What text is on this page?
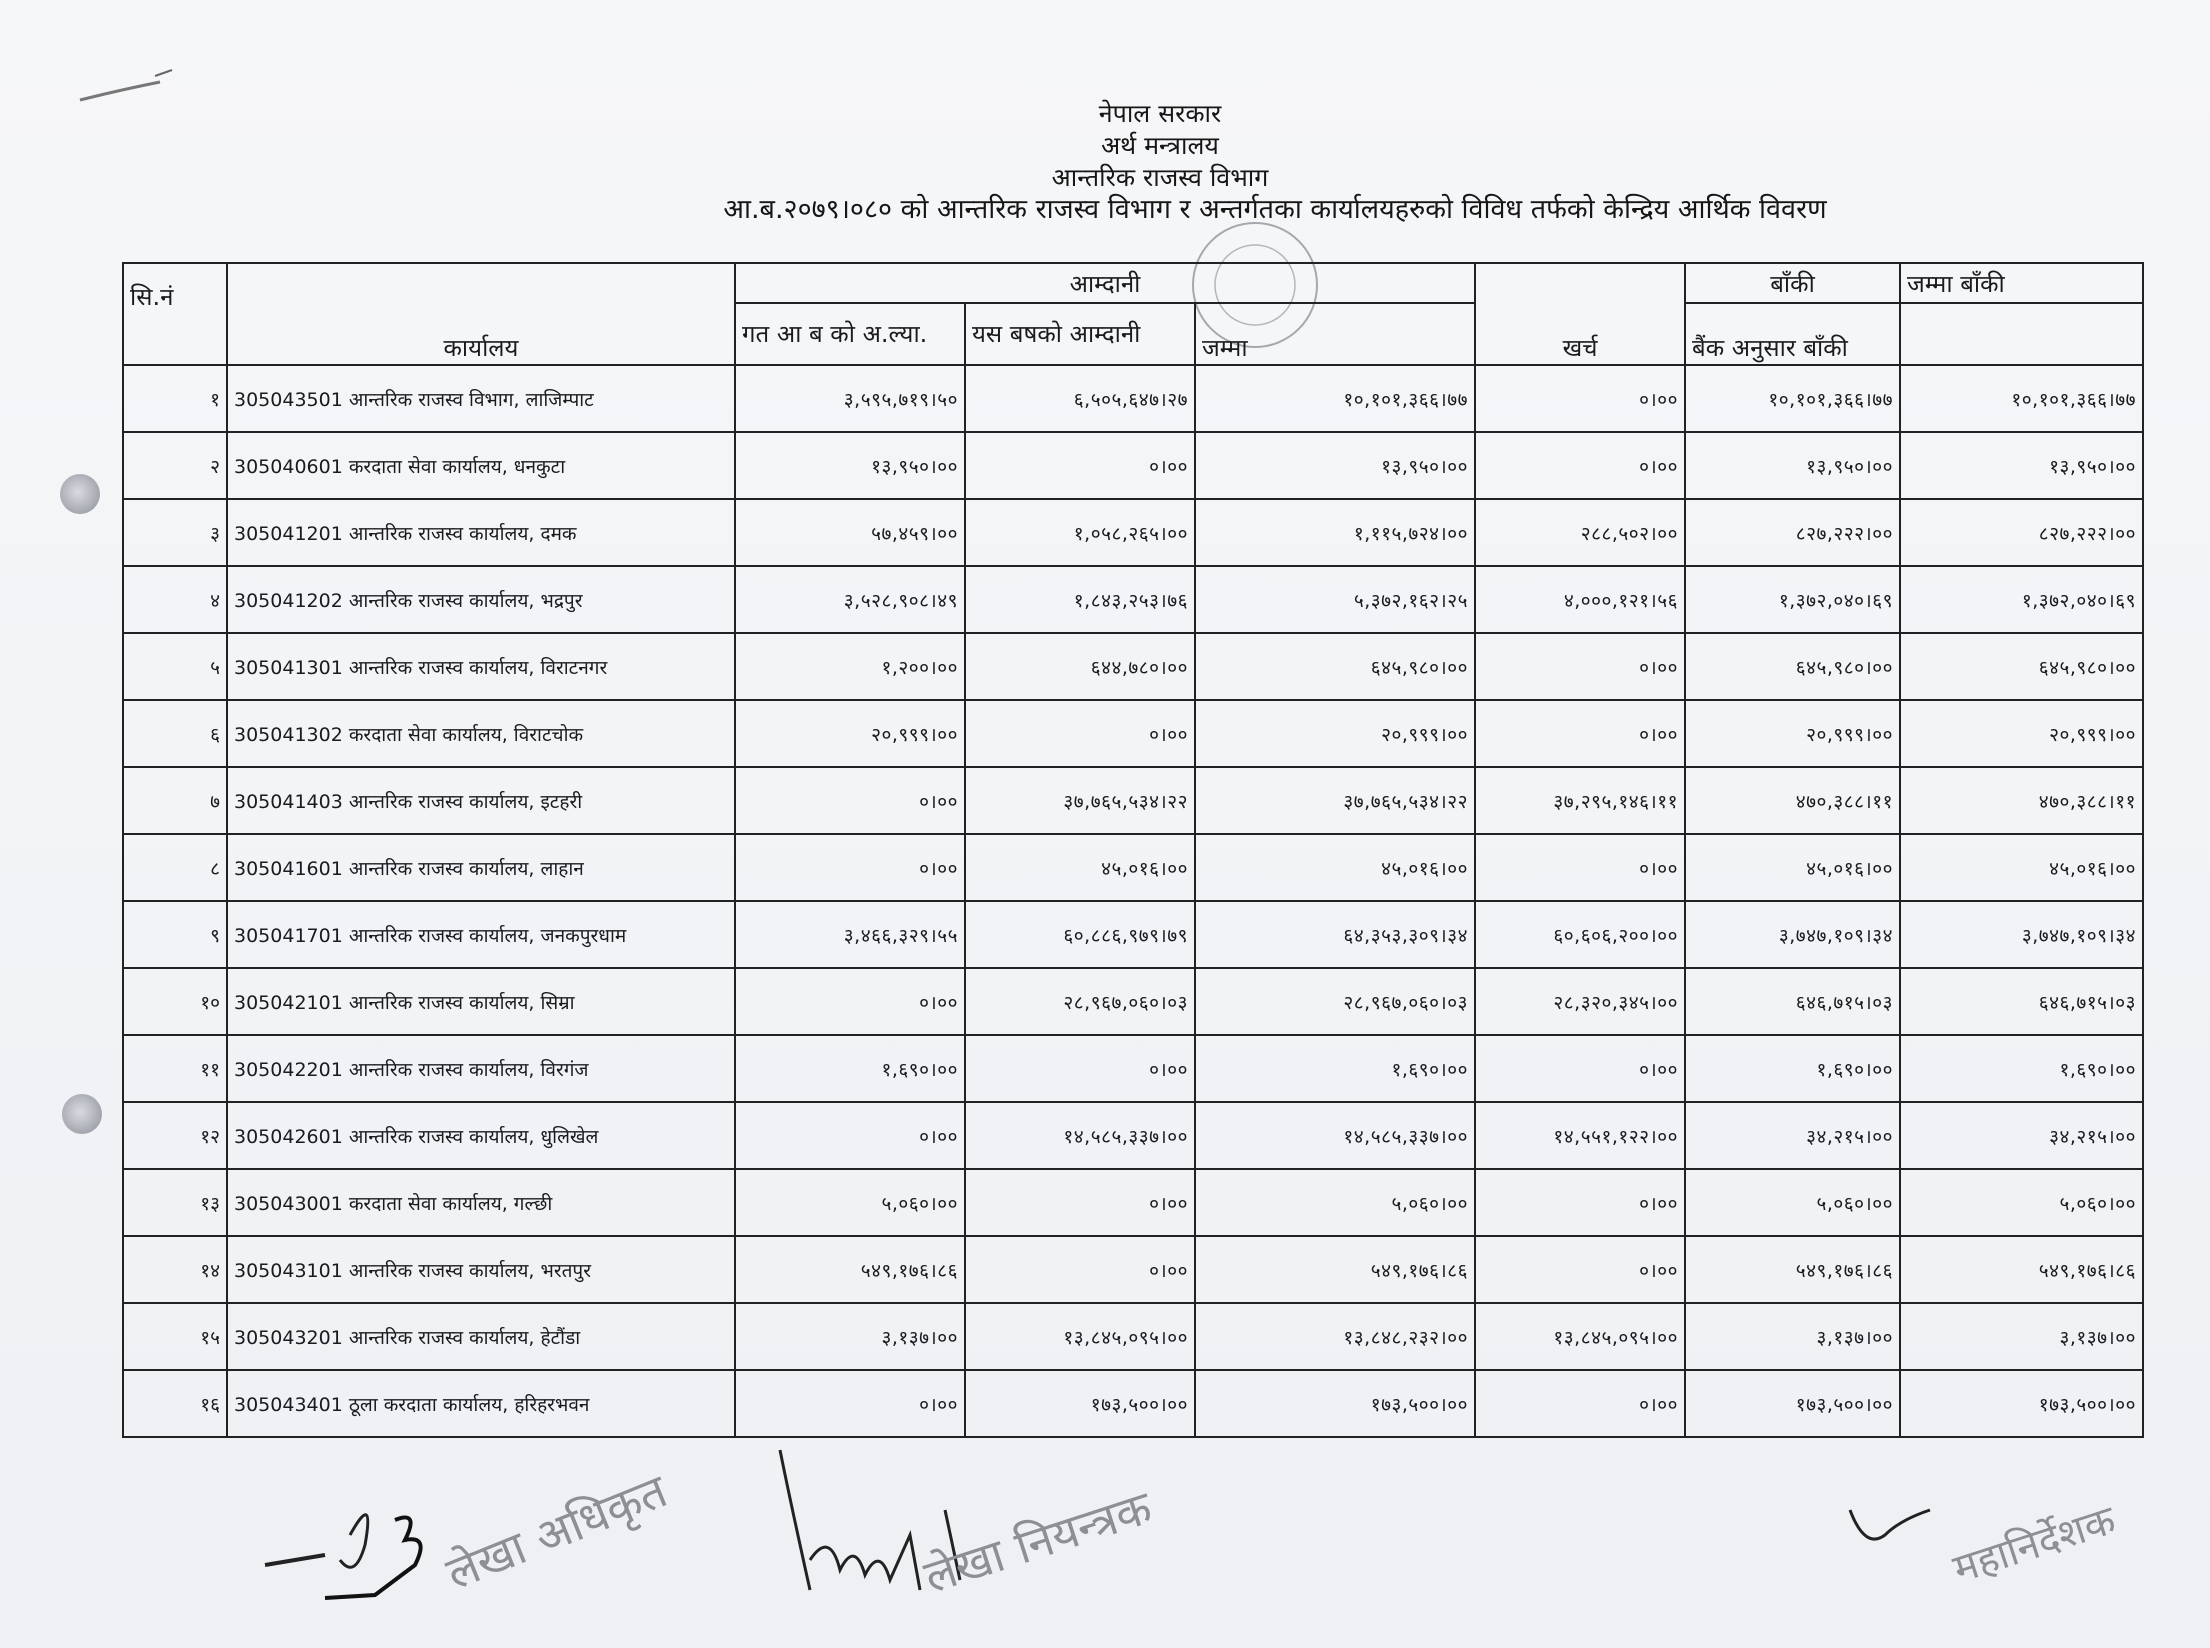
नेपाल सरकार
अर्थ मन्त्रालय
आन्तरिक राजस्व विभाग
आ.ब.२०७९।०८० को आन्तरिक राजस्व विभाग र अन्तर्गतका कार्यालयहरुको विविध तर्फको केन्द्रिय आर्थिक विवरण
सि.नं	कार्यालय	आम्दानी			खर्च	बाँकी	जम्मा बाँकी
		गत आ ब को अ.ल्या.	यस बषको आम्दानी	जम्मा		बैंक अनुसार बाँकी	
१	305043501 आन्तरिक राजस्व विभाग, लाजिम्पाट	३,५९५,७१९।५०	६,५०५,६४७।२७	१०,१०१,३६६।७७	०।००	१०,१०१,३६६।७७	१०,१०१,३६६।७७
२	305040601 करदाता सेवा कार्यालय, धनकुटा	१३,९५०।००	०।००	१३,९५०।००	०।००	१३,९५०।००	१३,९५०।००
३	305041201 आन्तरिक राजस्व कार्यालय, दमक	५७,४५९।००	१,०५८,२६५।००	१,११५,७२४।००	२८८,५०२।००	८२७,२२२।००	८२७,२२२।००
४	305041202 आन्तरिक राजस्व कार्यालय, भद्रपुर	३,५२८,९०८।४९	१,८४३,२५३।७६	५,३७२,१६२।२५	४,०००,१२१।५६	१,३७२,०४०।६९	१,३७२,०४०।६९
५	305041301 आन्तरिक राजस्व कार्यालय, विराटनगर	१,२००।००	६४४,७८०।००	६४५,९८०।००	०।००	६४५,९८०।००	६४५,९८०।००
६	305041302 करदाता सेवा कार्यालय, विराटचोक	२०,९९९।००	०।००	२०,९९९।००	०।००	२०,९९९।००	२०,९९९।००
७	305041403 आन्तरिक राजस्व कार्यालय, इटहरी	०।००	३७,७६५,५३४।२२	३७,७६५,५३४।२२	३७,२९५,१४६।११	४७०,३८८।११	४७०,३८८।११
८	305041601 आन्तरिक राजस्व कार्यालय, लाहान	०।००	४५,०१६।००	४५,०१६।००	०।००	४५,०१६।००	४५,०१६।००
९	305041701 आन्तरिक राजस्व कार्यालय, जनकपुरधाम	३,४६६,३२९।५५	६०,८८६,९७९।७९	६४,३५३,३०९।३४	६०,६०६,२००।००	३,७४७,१०९।३४	३,७४७,१०९।३४
१०	305042101 आन्तरिक राजस्व कार्यालय, सिम्रा	०।००	२८,९६७,०६०।०३	२८,९६७,०६०।०३	२८,३२०,३४५।००	६४६,७१५।०३	६४६,७१५।०३
११	305042201 आन्तरिक राजस्व कार्यालय, विरगंज	१,६९०।००	०।००	१,६९०।००	०।००	१,६९०।००	१,६९०।००
१२	305042601 आन्तरिक राजस्व कार्यालय, धुलिखेल	०।००	१४,५८५,३३७।००	१४,५८५,३३७।००	१४,५५१,१२२।००	३४,२१५।००	३४,२१५।००
१३	305043001 करदाता सेवा कार्यालय, गल्छी	५,०६०।००	०।००	५,०६०।००	०।००	५,०६०।००	५,०६०।००
१४	305043101 आन्तरिक राजस्व कार्यालय, भरतपुर	५४९,१७६।८६	०।००	५४९,१७६।८६	०।००	५४९,१७६।८६	५४९,१७६।८६
१५	305043201 आन्तरिक राजस्व कार्यालय, हेटौंडा	३,१३७।००	१३,८४५,०९५।००	१३,८४८,२३२।००	१३,८४५,०९५।००	३,१३७।००	३,१३७।००
१६	305043401 ठूला करदाता कार्यालय, हरिहरभवन	०।००	१७३,५००।००	१७३,५००।००	०।००	१७३,५००।००	१७३,५००।००
लेखा अधिकृत	लेखा नियन्त्रक	महानिर्देशक
